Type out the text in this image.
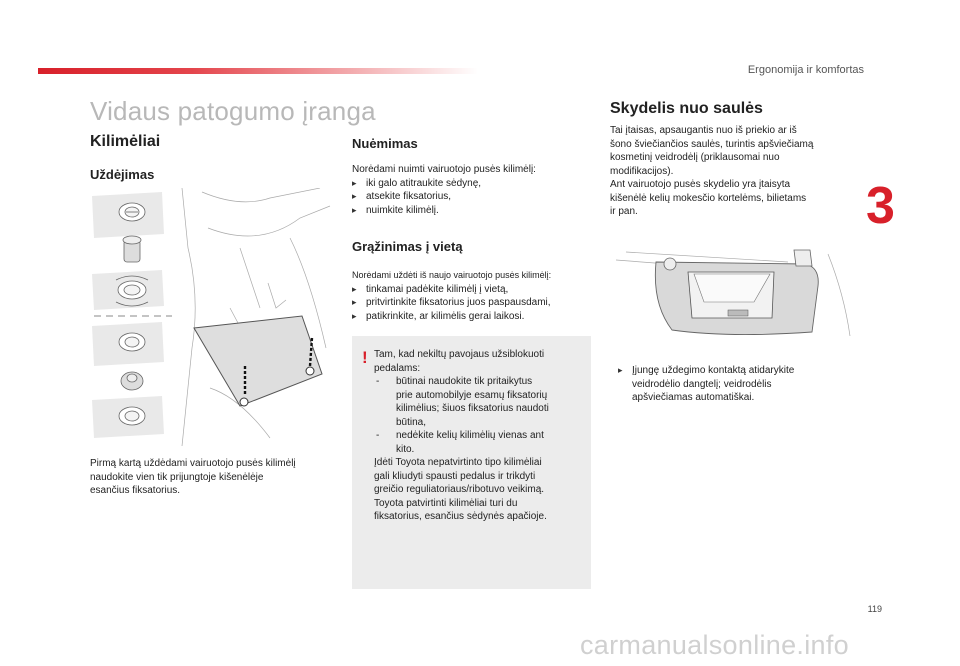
Ergonomija ir komfortas
3
119
Vidaus patogumo įranga
Kilimėliai
Uždėjimas
Pirmą kartą uždėdami vairuotojo pusės kilimėlį
naudokite vien tik prijungtoje kišenėlėje
esančius fiksatorius.
Nuėmimas
Norėdami nuimti vairuotojo pusės kilimėlį:
▸ iki galo atitraukite sėdynę,
▸ atsekite fiksatorius,
▸ nuimkite kilimėlį.
Grąžinimas į vietą
Norėdami uždėti iš naujo vairuotojo pusės kilimėlį:
▸ tinkamai padėkite kilimėlį į vietą,
▸ pritvirtinkite fiksatorius juos paspausdami,
▸ patikrinkite, ar kilimėlis gerai laikosi.
! Tam, kad nekiltų pavojaus užsiblokuoti
pedalams:
- būtinai naudokite tik pritaikytus
prie automobilyje esamų fiksatorių
kilimėlius; šiuos fiksatorius naudoti
būtina,
- nedėkite kelių kilimėlių vienas ant
kito.
Įdėti Toyota nepatvirtinto tipo kilimėliai
gali kliudyti spausti pedalus ir trikdyti
greičio reguliatoriaus/ribotuvo veikimą.
Toyota patvirtinti kilimėliai turi du
fiksatorius, esančius sėdynės apačioje.
Skydelis nuo saulės
Tai įtaisas, apsaugantis nuo iš priekio ar iš
šono šviečiančios saulės, turintis apšviečiamą
kosmetinį veidrodėlį (priklausomai nuo
modifikacijos).
Ant vairuotojo pusės skydelio yra įtaisyta
kišenėlė kelių mokesčio kortelėms, bilietams
ir pan.
▸ Įjungę uždegimo kontaktą atidarykite
veidrodėlio dangtelį; veidrodėlis
apšviečiamas automatiškai.
carmanualsonline.info
